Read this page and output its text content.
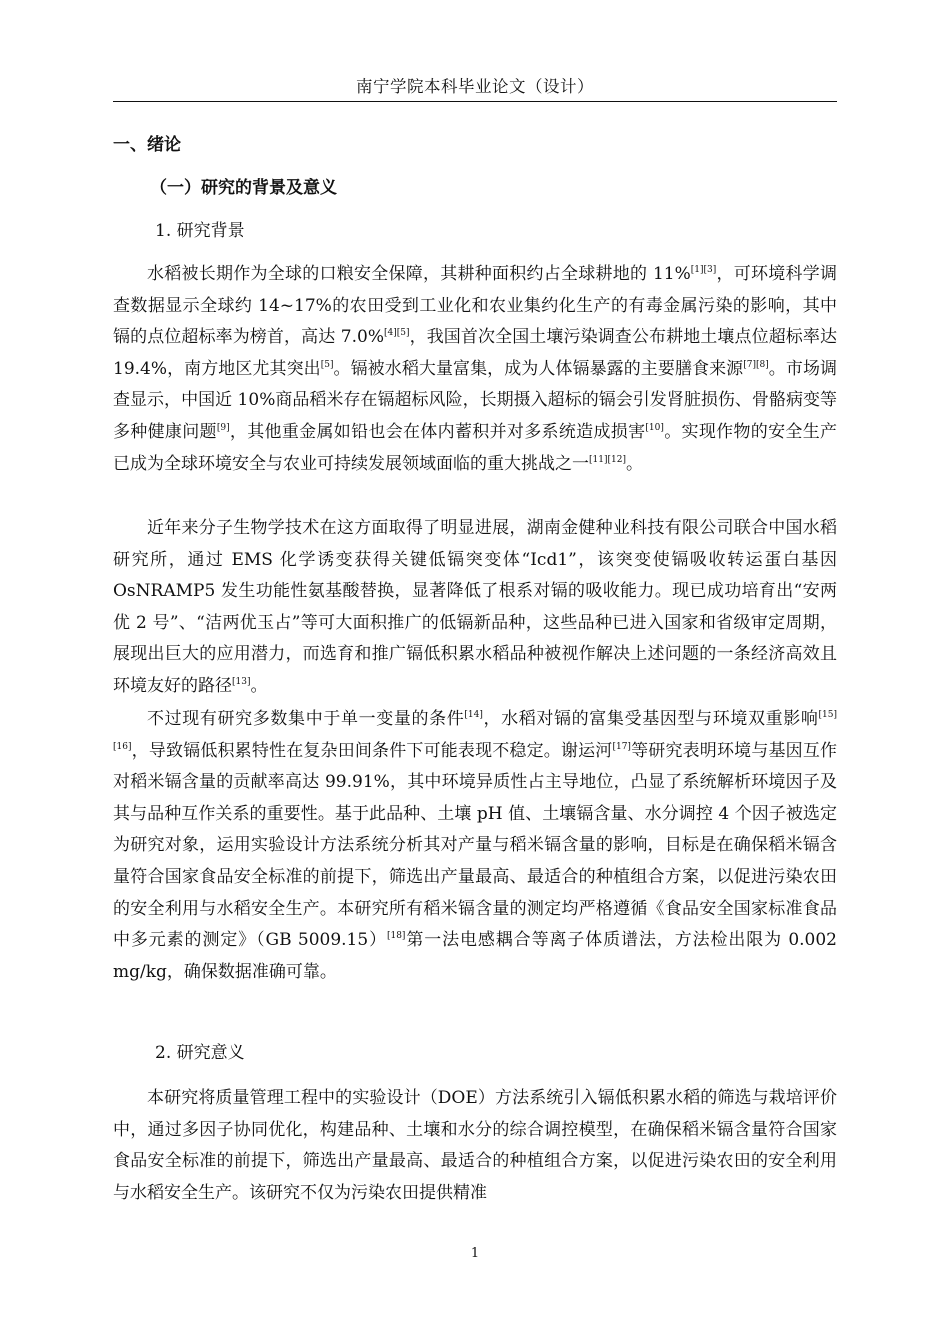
南宁学院本科毕业论文（设计）
一、绪论
（一）研究的背景及意义
1. 研究背景

水稻被长期作为全球的口粮安全保障，其耕种面积约占全球耕地的 11%[1][3]，可环境科学调查数据显示全球约 14~17%的农田受到工业化和农业集约化生产的有毒金属污染的影响，其中镉的点位超标率为榜首，高达 7.0%[4][5]，我国首次全国土壤污染调查公布耕地土壤点位超标率达 19.4%，南方地区尤其突出[5]。镉被水稻大量富集，成为人体镉暴露的主要膳食来源[7][8]。市场调查显示，中国近 10%商品稻米存在镉超标风险，长期摄入超标的镉会引发肾脏损伤、骨骼病变等多种健康问题[9]，其他重金属如铅也会在体内蓄积并对多系统造成损害[10]。实现作物的安全生产已成为全球环境安全与农业可持续发展领域面临的重大挑战之一[11][12]。

近年来分子生物学技术在这方面取得了明显进展，湖南金健种业科技有限公司联合中国水稻研究所，通过 EMS 化学诱变获得关键低镉突变体“Icd1”，该突变使镉吸收转运蛋白基因 OsNRAMP5 发生功能性氨基酸替换，显著降低了根系对镉的吸收能力。现已成功培育出“安两优 2 号”、“洁两优玉占”等可大面积推广的低镉新品种，这些品种已进入国家和省级审定周期，展现出巨大的应用潜力，而选育和推广镉低积累水稻品种被视作解决上述问题的一条经济高效且环境友好的路径[13]。

不过现有研究多数集中于单一变量的条件[14]，水稻对镉的富集受基因型与环境双重影响[15][16]，导致镉低积累特性在复杂田间条件下可能表现不稳定。谢运河[17]等研究表明环境与基因互作对稻米镉含量的贡献率高达 99.91%，其中环境异质性占主导地位，凸显了系统解析环境因子及其与品种互作关系的重要性。基于此品种、土壤 pH 值、土壤镉含量、水分调控 4 个因子被选定为研究对象，运用实验设计方法系统分析其对产量与稻米镉含量的影响，目标是在确保稻米镉含量符合国家食品安全标准的前提下，筛选出产量最高、最适合的种植组合方案，以促进污染农田的安全利用与水稻安全生产。本研究所有稻米镉含量的测定均严格遵循《食品安全国家标准食品中多元素的测定》（GB 5009.15）[18]第一法电感耦合等离子体质谱法，方法检出限为 0.002 mg/kg，确保数据准确可靠。

2. 研究意义

本研究将质量管理工程中的实验设计（DOE）方法系统引入镉低积累水稻的筛选与栽培评价中，通过多因子协同优化，构建品种、土壤和水分的综合调控模型，在确保稻米镉含量符合国家食品安全标准的前提下，筛选出产量最高、最适合的种植组合方案，以促进污染农田的安全利用与水稻安全生产。该研究不仅为污染农田提供精准

1
